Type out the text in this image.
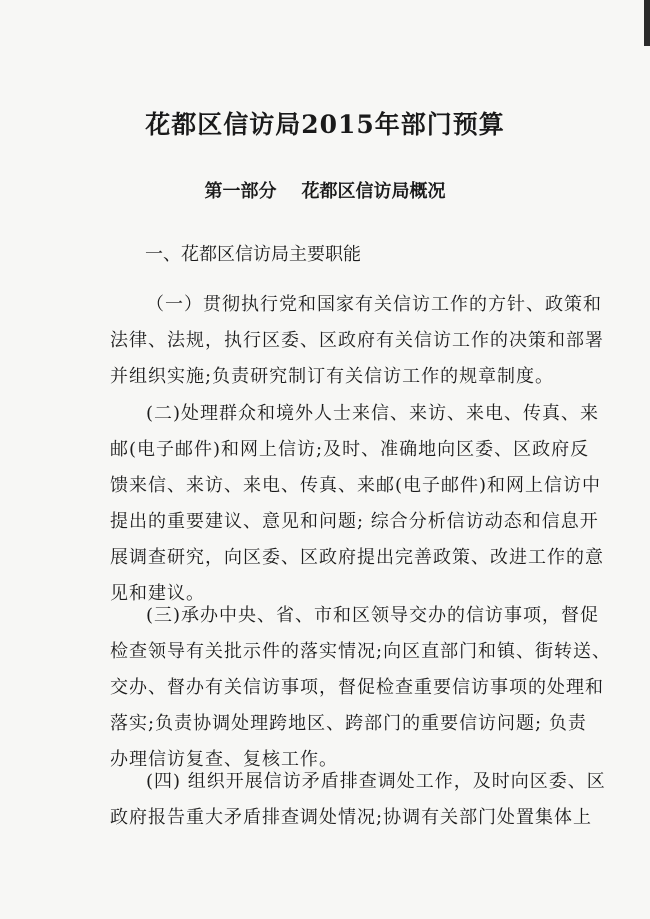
花都区信访局2015年部门预算
第一部分    花都区信访局概况
一、花都区信访局主要职能
（一）贯彻执行党和国家有关信访工作的方针、政策和
法律、法规，执行区委、区政府有关信访工作的决策和部署
并组织实施;负责研究制订有关信访工作的规章制度。
(二)处理群众和境外人士来信、来访、来电、传真、来
邮(电子邮件)和网上信访;及时、准确地向区委、区政府反
馈来信、来访、来电、传真、来邮(电子邮件)和网上信访中
提出的重要建议、意见和问题; 综合分析信访动态和信息开
展调查研究，向区委、区政府提出完善政策、改进工作的意
见和建议。
(三)承办中央、省、市和区领导交办的信访事项，督促
检查领导有关批示件的落实情况;向区直部门和镇、街转送、
交办、督办有关信访事项，督促检查重要信访事项的处理和
落实;负责协调处理跨地区、跨部门的重要信访问题; 负责
办理信访复查、复核工作。
(四) 组织开展信访矛盾排查调处工作，及时向区委、区
政府报告重大矛盾排查调处情况;协调有关部门处置集体上
